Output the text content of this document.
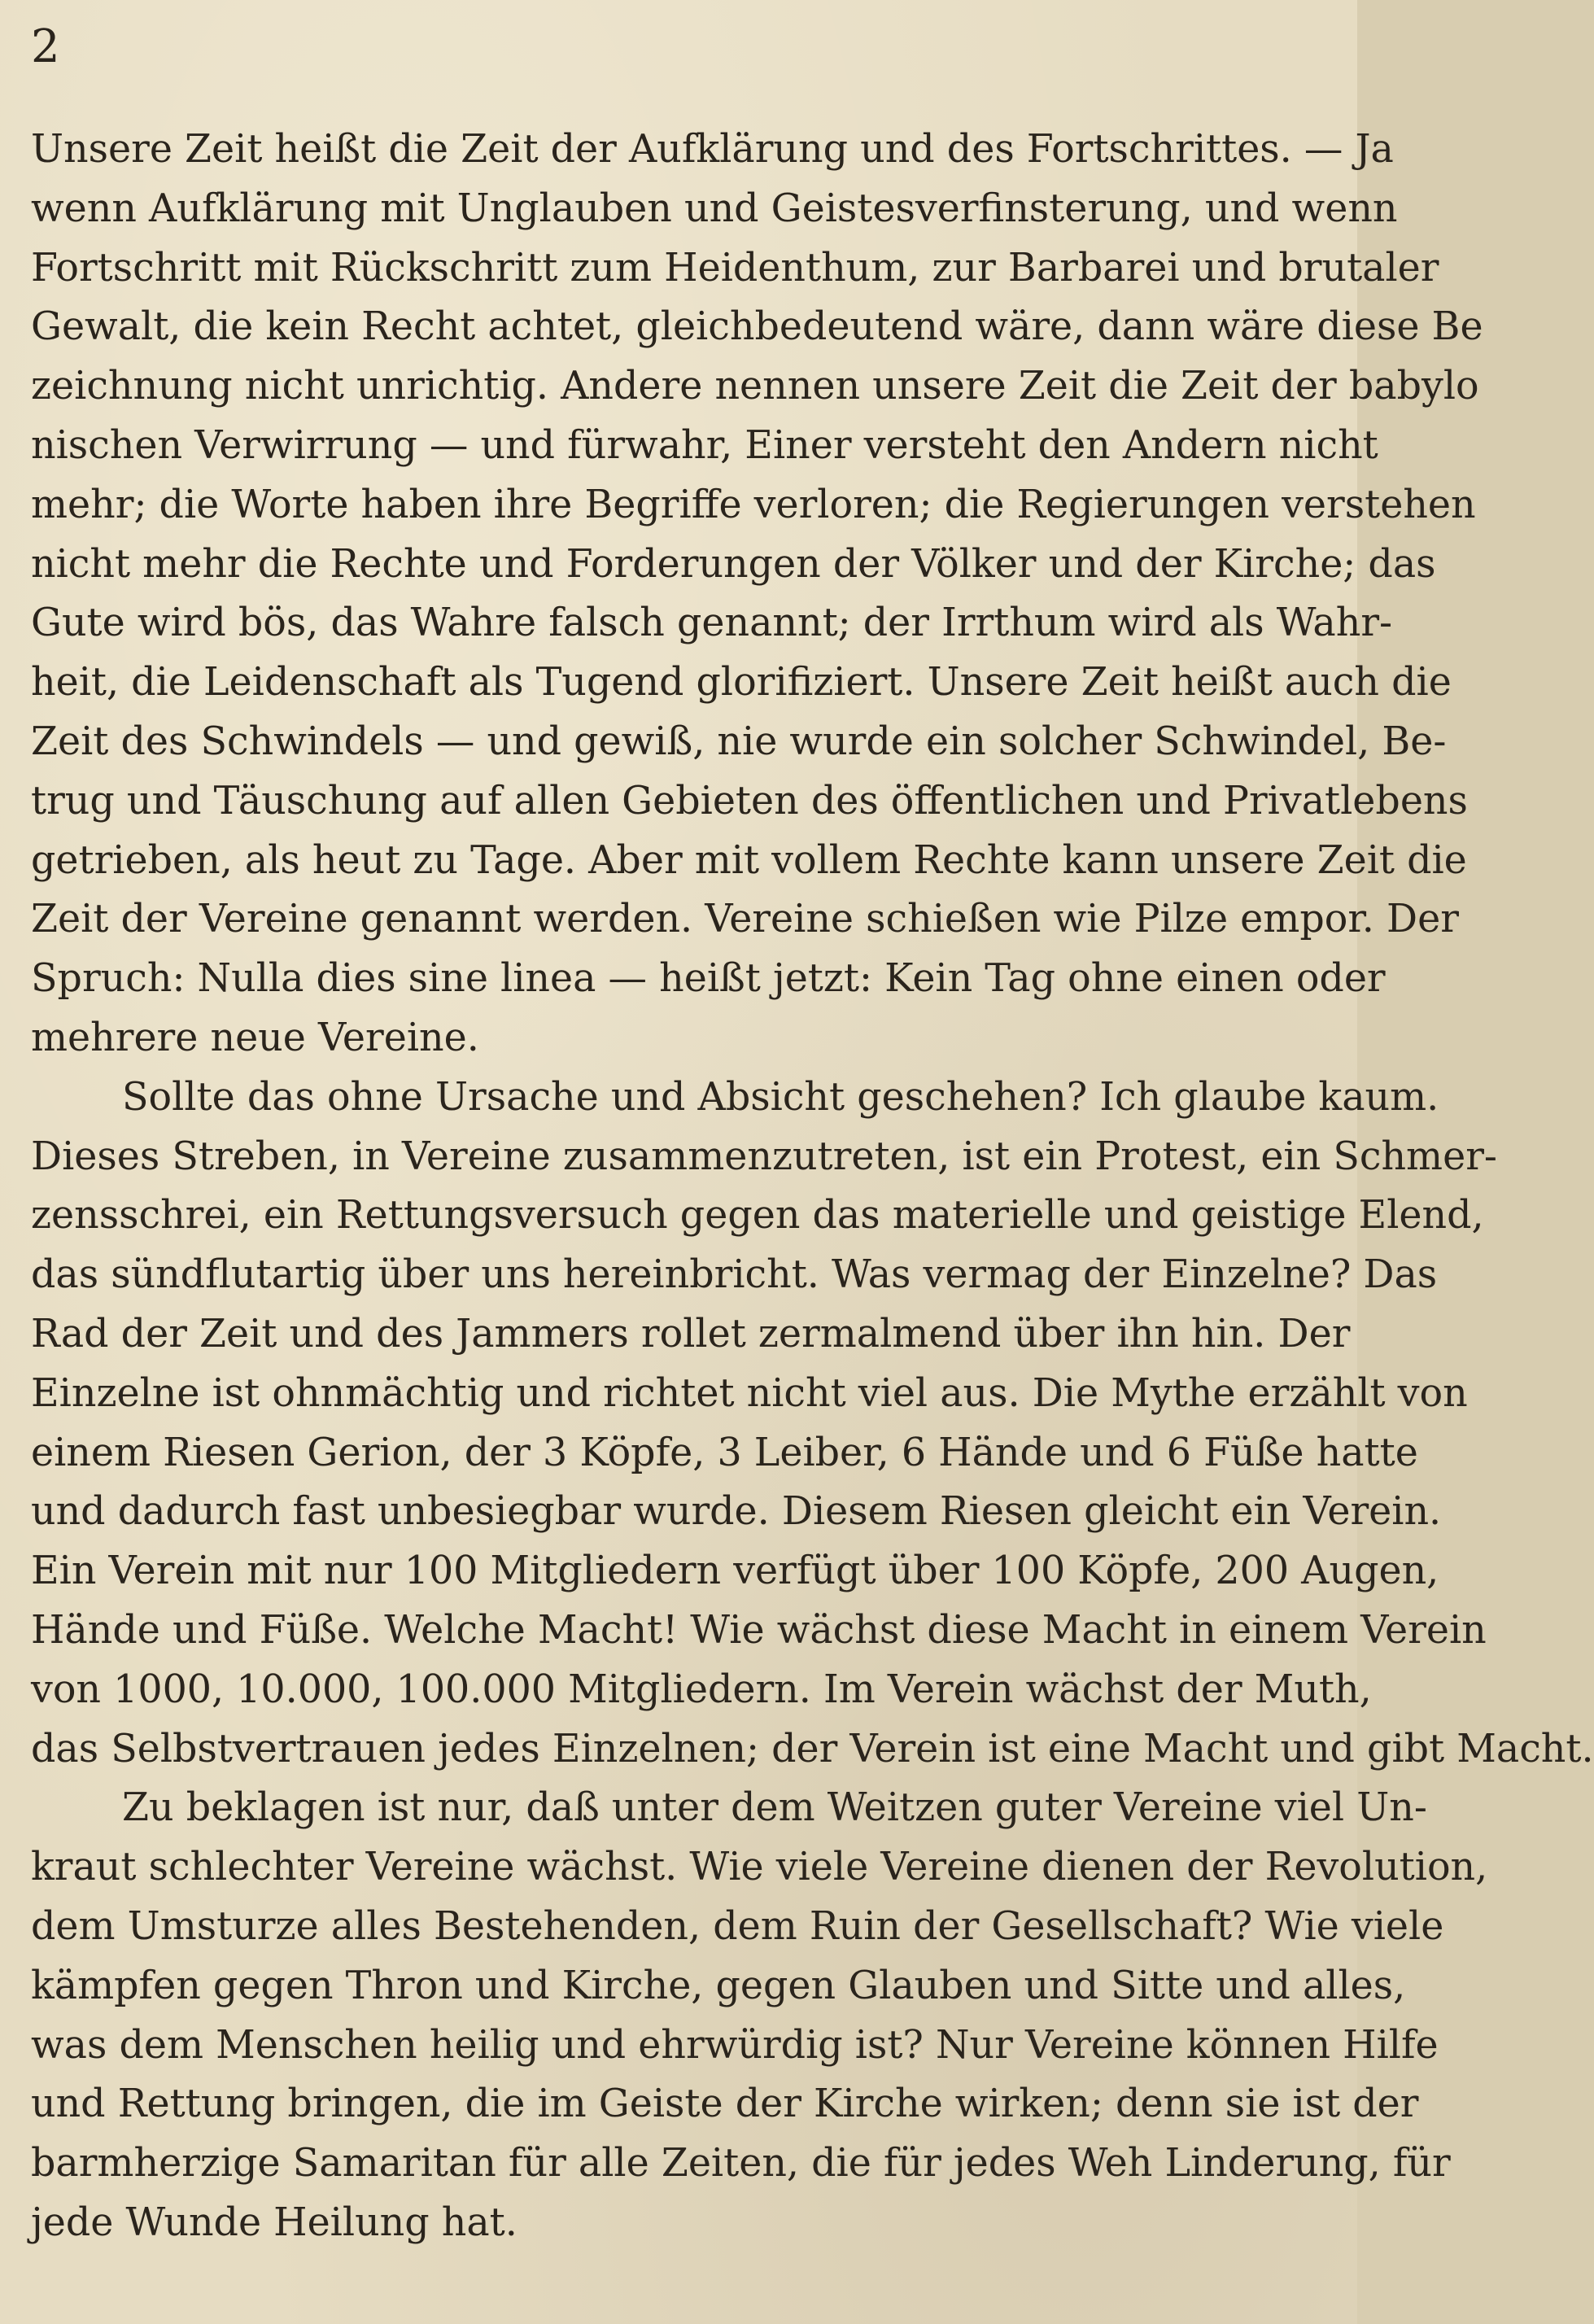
2
Unsere Zeit heißt die Zeit der Aufklärung und des Fortschrittes. — Ja
wenn Aufklärung mit Unglauben und Geistesverfinsterung, und wenn
Fortschritt mit Rückschritt zum Heidenthum, zur Barbarei und brutaler
Gewalt, die kein Recht achtet, gleichbedeutend wäre, dann wäre diese Be
zeichnung nicht unrichtig. Andere nennen unsere Zeit die Zeit der babylo
nischen Verwirrung — und fürwahr, Einer versteht den Andern nicht
mehr; die Worte haben ihre Begriffe verloren; die Regierungen verstehen
nicht mehr die Rechte und Forderungen der Völker und der Kirche; das
Gute wird bös, das Wahre falsch genannt; der Irrthum wird als Wahr-
heit, die Leidenschaft als Tugend glorifiziert. Unsere Zeit heißt auch die
Zeit des Schwindels — und gewiß, nie wurde ein solcher Schwindel, Be-
trug und Täuschung auf allen Gebieten des öffentlichen und Privatlebens
getrieben, als heut zu Tage. Aber mit vollem Rechte kann unsere Zeit die
Zeit der Vereine genannt werden. Vereine schießen wie Pilze empor. Der
Spruch: Nulla dies sine linea — heißt jetzt: Kein Tag ohne einen oder
mehrere neue Vereine.
Sollte das ohne Ursache und Absicht geschehen? Ich glaube kaum.
Dieses Streben, in Vereine zusammenzutreten, ist ein Protest, ein Schmer-
zensschrei, ein Rettungsversuch gegen das materielle und geistige Elend,
das sündflutartig über uns hereinbricht. Was vermag der Einzelne? Das
Rad der Zeit und des Jammers rollet zermalmend über ihn hin. Der
Einzelne ist ohnmächtig und richtet nicht viel aus. Die Mythe erzählt von
einem Riesen Gerion, der 3 Köpfe, 3 Leiber, 6 Hände und 6 Füße hatte
und dadurch fast unbesiegbar wurde. Diesem Riesen gleicht ein Verein.
Ein Verein mit nur 100 Mitgliedern verfügt über 100 Köpfe, 200 Augen,
Hände und Füße. Welche Macht! Wie wächst diese Macht in einem Verein
von 1000, 10.000, 100.000 Mitgliedern. Im Verein wächst der Muth,
das Selbstvertrauen jedes Einzelnen; der Verein ist eine Macht und gibt Macht.
Zu beklagen ist nur, daß unter dem Weitzen guter Vereine viel Un-
kraut schlechter Vereine wächst. Wie viele Vereine dienen der Revolution,
dem Umsturze alles Bestehenden, dem Ruin der Gesellschaft? Wie viele
kämpfen gegen Thron und Kirche, gegen Glauben und Sitte und alles,
was dem Menschen heilig und ehrwürdig ist? Nur Vereine können Hilfe
und Rettung bringen, die im Geiste der Kirche wirken; denn sie ist der
barmherzige Samaritan für alle Zeiten, die für jedes Weh Linderung, für
jede Wunde Heilung hat.
